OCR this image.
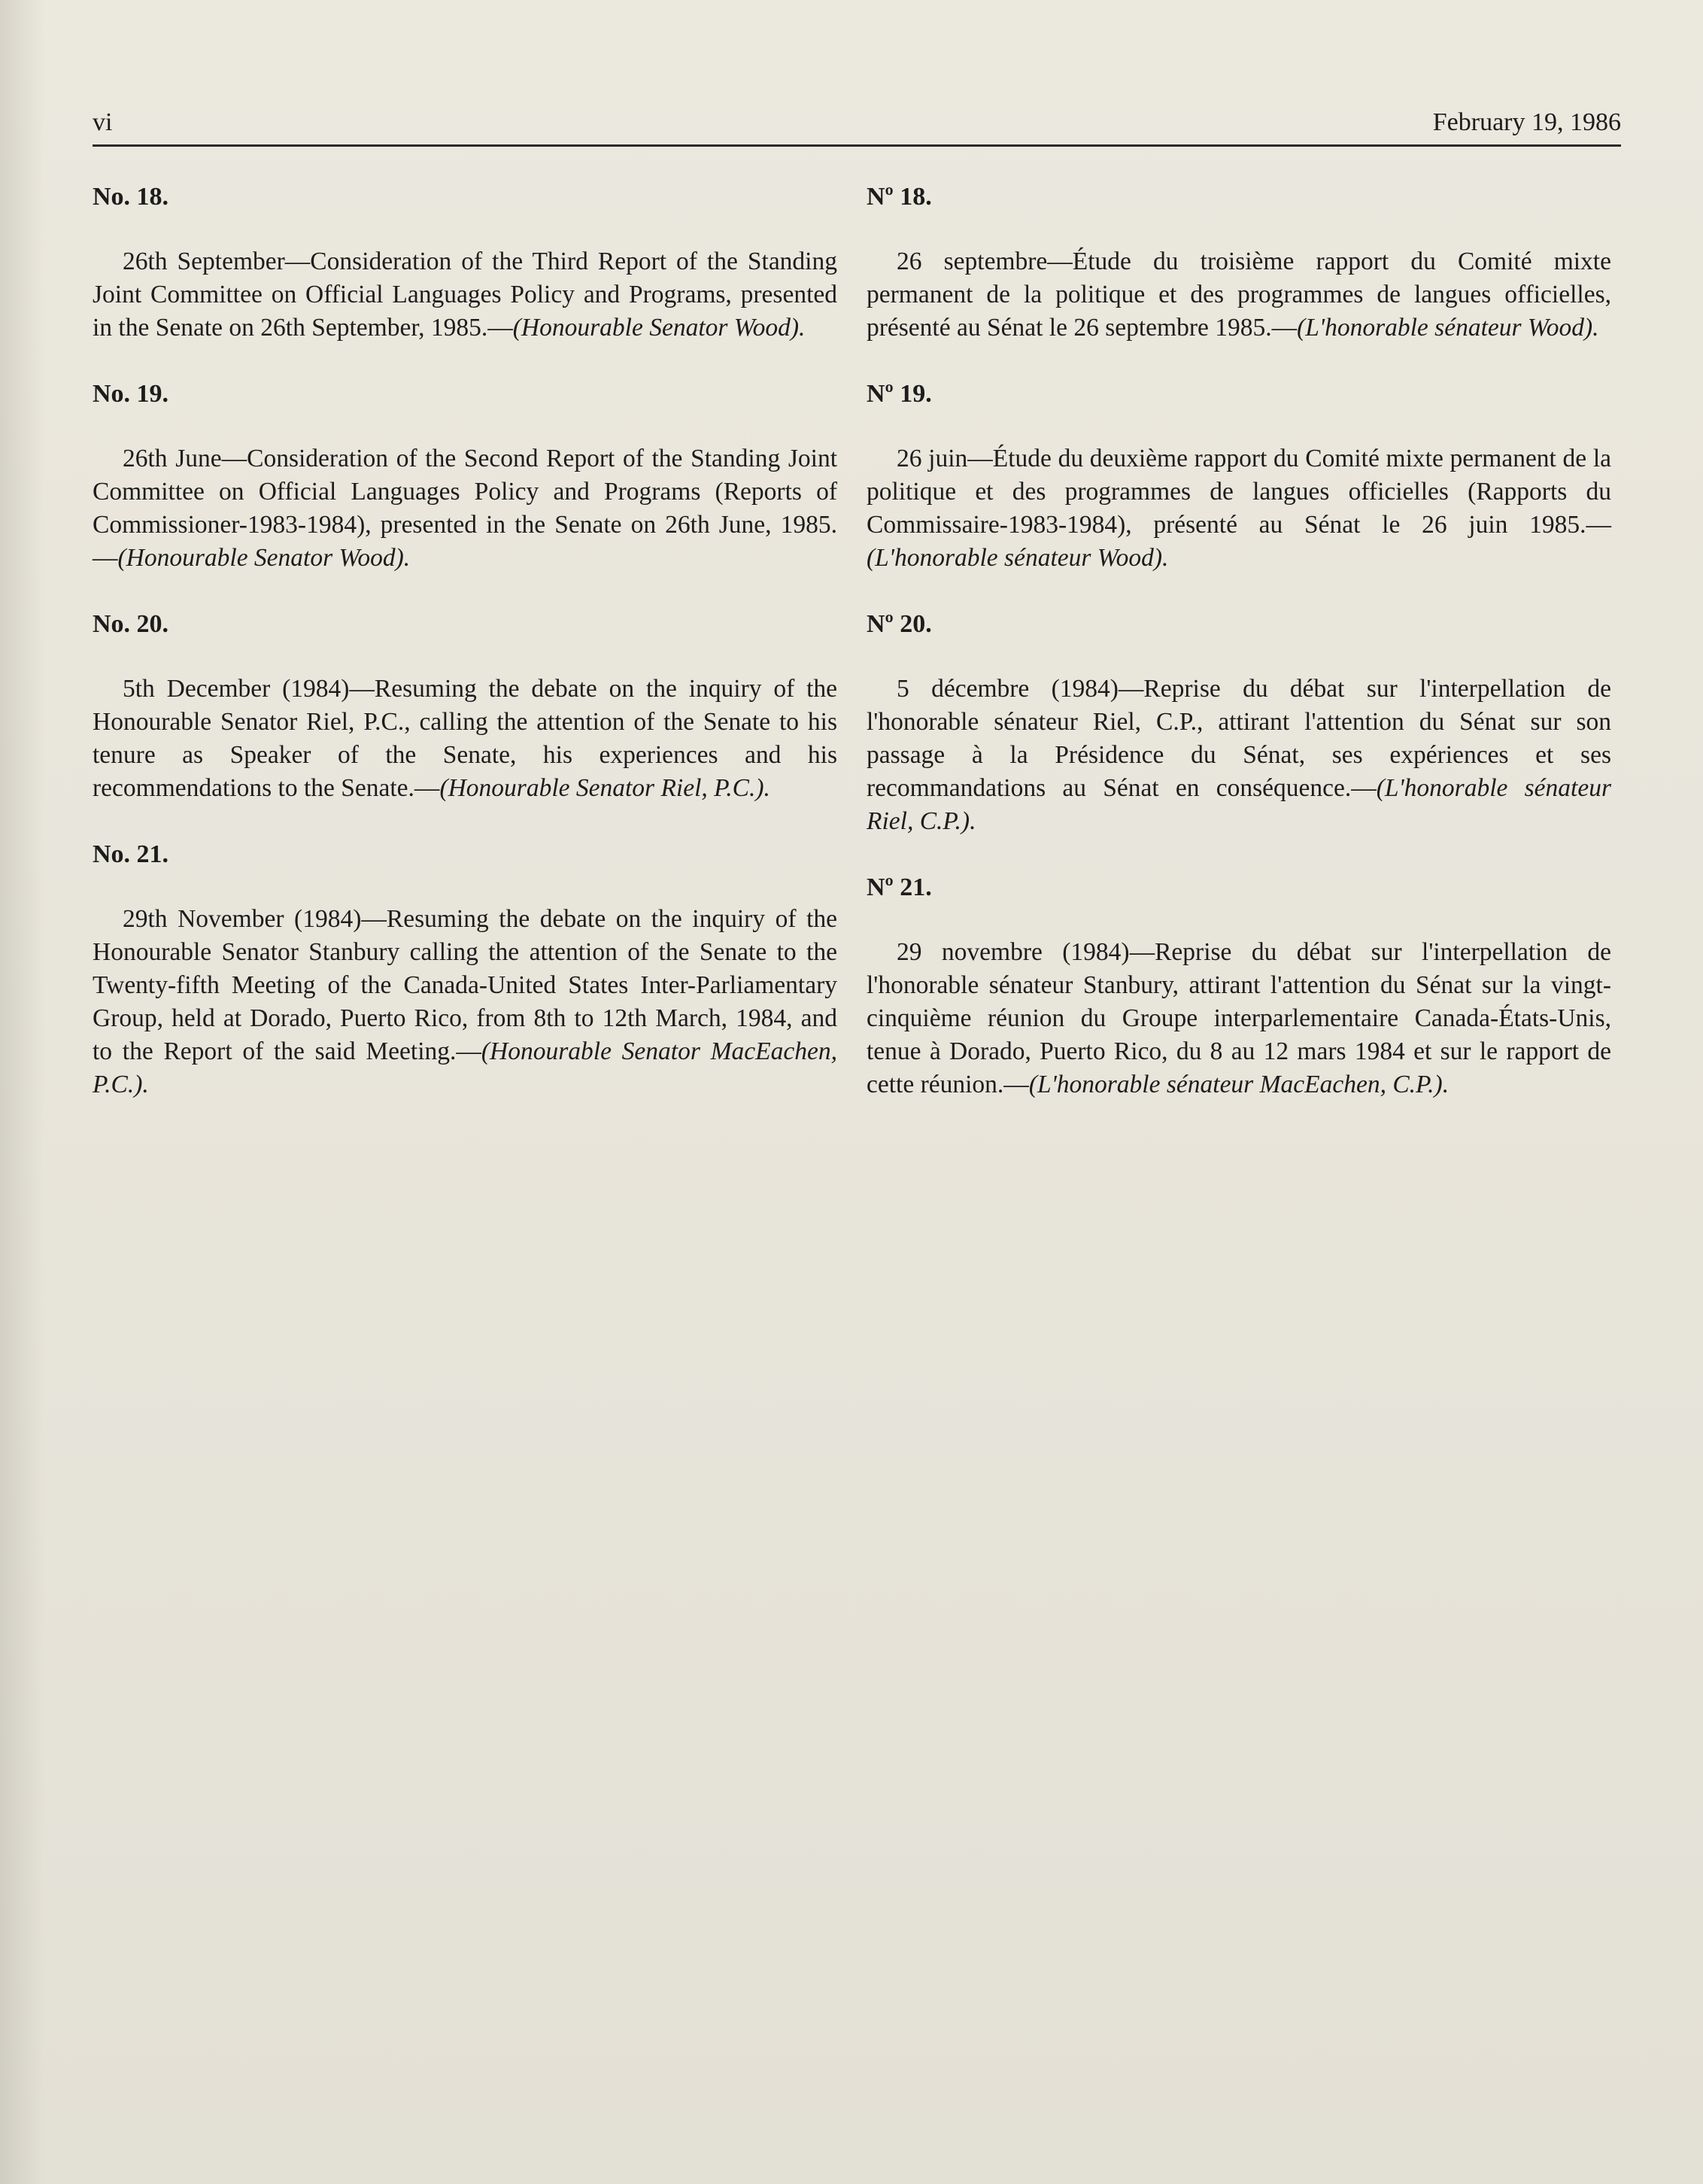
vi	February 19, 1986

No. 18.

26th September—Consideration of the Third Report of the Standing Joint Committee on Official Languages Policy and Programs, presented in the Senate on 26th September, 1985.—(Honourable Senator Wood).

No. 19.

26th June—Consideration of the Second Report of the Standing Joint Committee on Official Languages Policy and Programs (Reports of Commissioner-1983-1984), presented in the Senate on 26th June, 1985.—(Honourable Senator Wood).

No. 20.

5th December (1984)—Resuming the debate on the inquiry of the Honourable Senator Riel, P.C., calling the attention of the Senate to his tenure as Speaker of the Senate, his experiences and his recommendations to the Senate.—(Honourable Senator Riel, P.C.).

No. 21.

29th November (1984)—Resuming the debate on the inquiry of the Honourable Senator Stanbury calling the attention of the Senate to the Twenty-fifth Meeting of the Canada-United States Inter-Parliamentary Group, held at Dorado, Puerto Rico, from 8th to 12th March, 1984, and to the Report of the said Meeting.—(Honourable Senator MacEachen, P.C.).

Nº 18.

26 septembre—Étude du troisième rapport du Comité mixte permanent de la politique et des programmes de langues officielles, présenté au Sénat le 26 septembre 1985.—(L'honorable sénateur Wood).

Nº 19.

26 juin—Étude du deuxième rapport du Comité mixte permanent de la politique et des programmes de langues officielles (Rapports du Commissaire-1983-1984), présenté au Sénat le 26 juin 1985.—(L'honorable sénateur Wood).

Nº 20.

5 décembre (1984)—Reprise du débat sur l'interpellation de l'honorable sénateur Riel, C.P., attirant l'attention du Sénat sur son passage à la Présidence du Sénat, ses expériences et ses recommandations au Sénat en conséquence.—(L'honorable sénateur Riel, C.P.).

Nº 21.

29 novembre (1984)—Reprise du débat sur l'interpellation de l'honorable sénateur Stanbury, attirant l'attention du Sénat sur la vingt-cinquième réunion du Groupe interparlementaire Canada-États-Unis, tenue à Dorado, Puerto Rico, du 8 au 12 mars 1984 et sur le rapport de cette réunion.—(L'honorable sénateur MacEachen, C.P.).
